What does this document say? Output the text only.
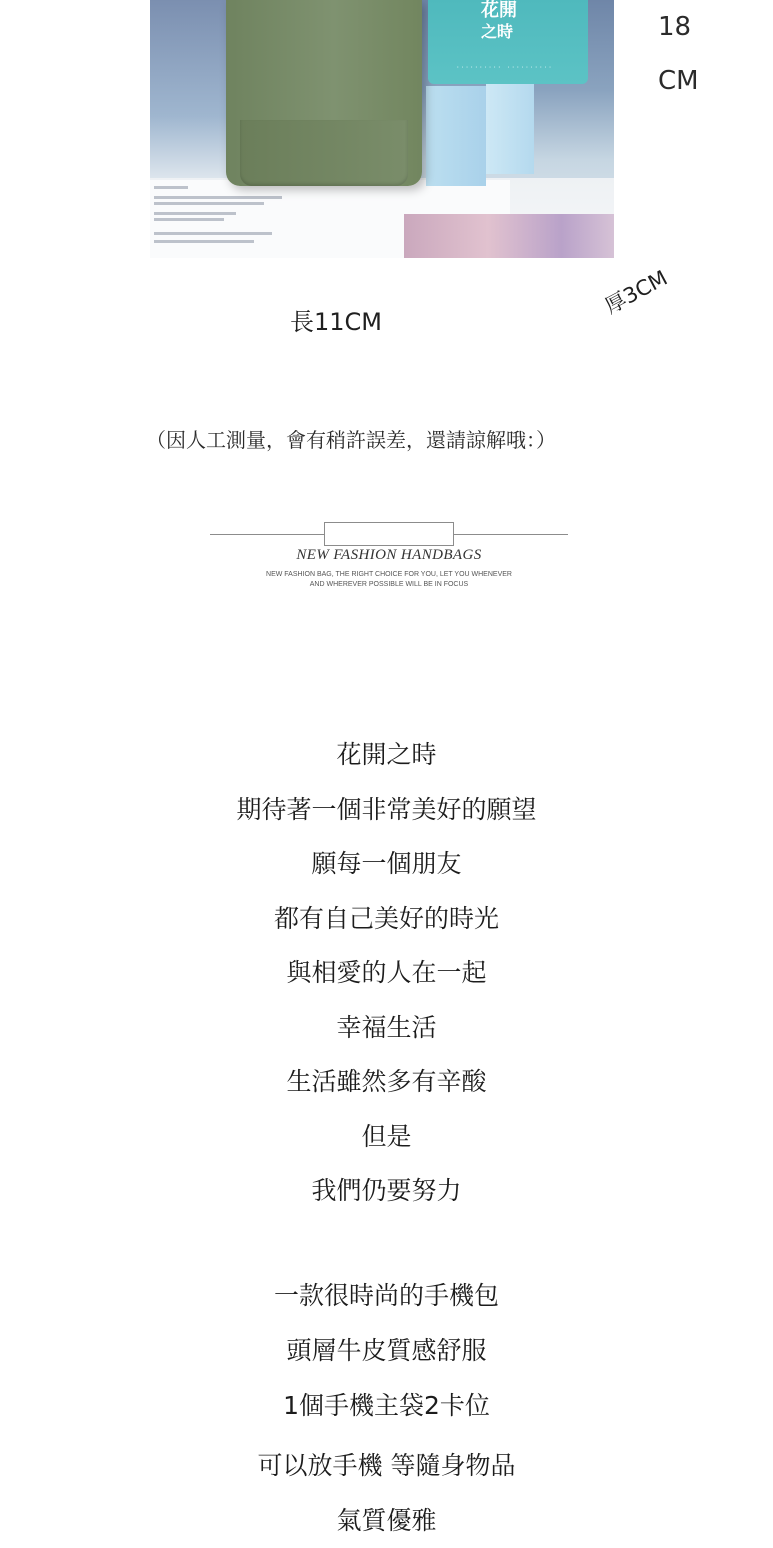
花開
之時
·········· ··········
18
CM
長11CM
厚3CM
（因人工測量，會有稍許誤差，還請諒解哦：）
NEW FASHION HANDBAGS
NEW FASHION BAG, THE RIGHT CHOICE FOR YOU, LET YOU WHENEVER
AND WHEREVER POSSIBLE WILL BE IN FOCUS
花開之時
期待著一個非常美好的願望
願每一個朋友
都有自己美好的時光
與相愛的人在一起
幸福生活
生活雖然多有辛酸
但是
我們仍要努力
一款很時尚的手機包
頭層牛皮質感舒服
1個手機主袋2卡位
可以放手機 等隨身物品
氣質優雅
